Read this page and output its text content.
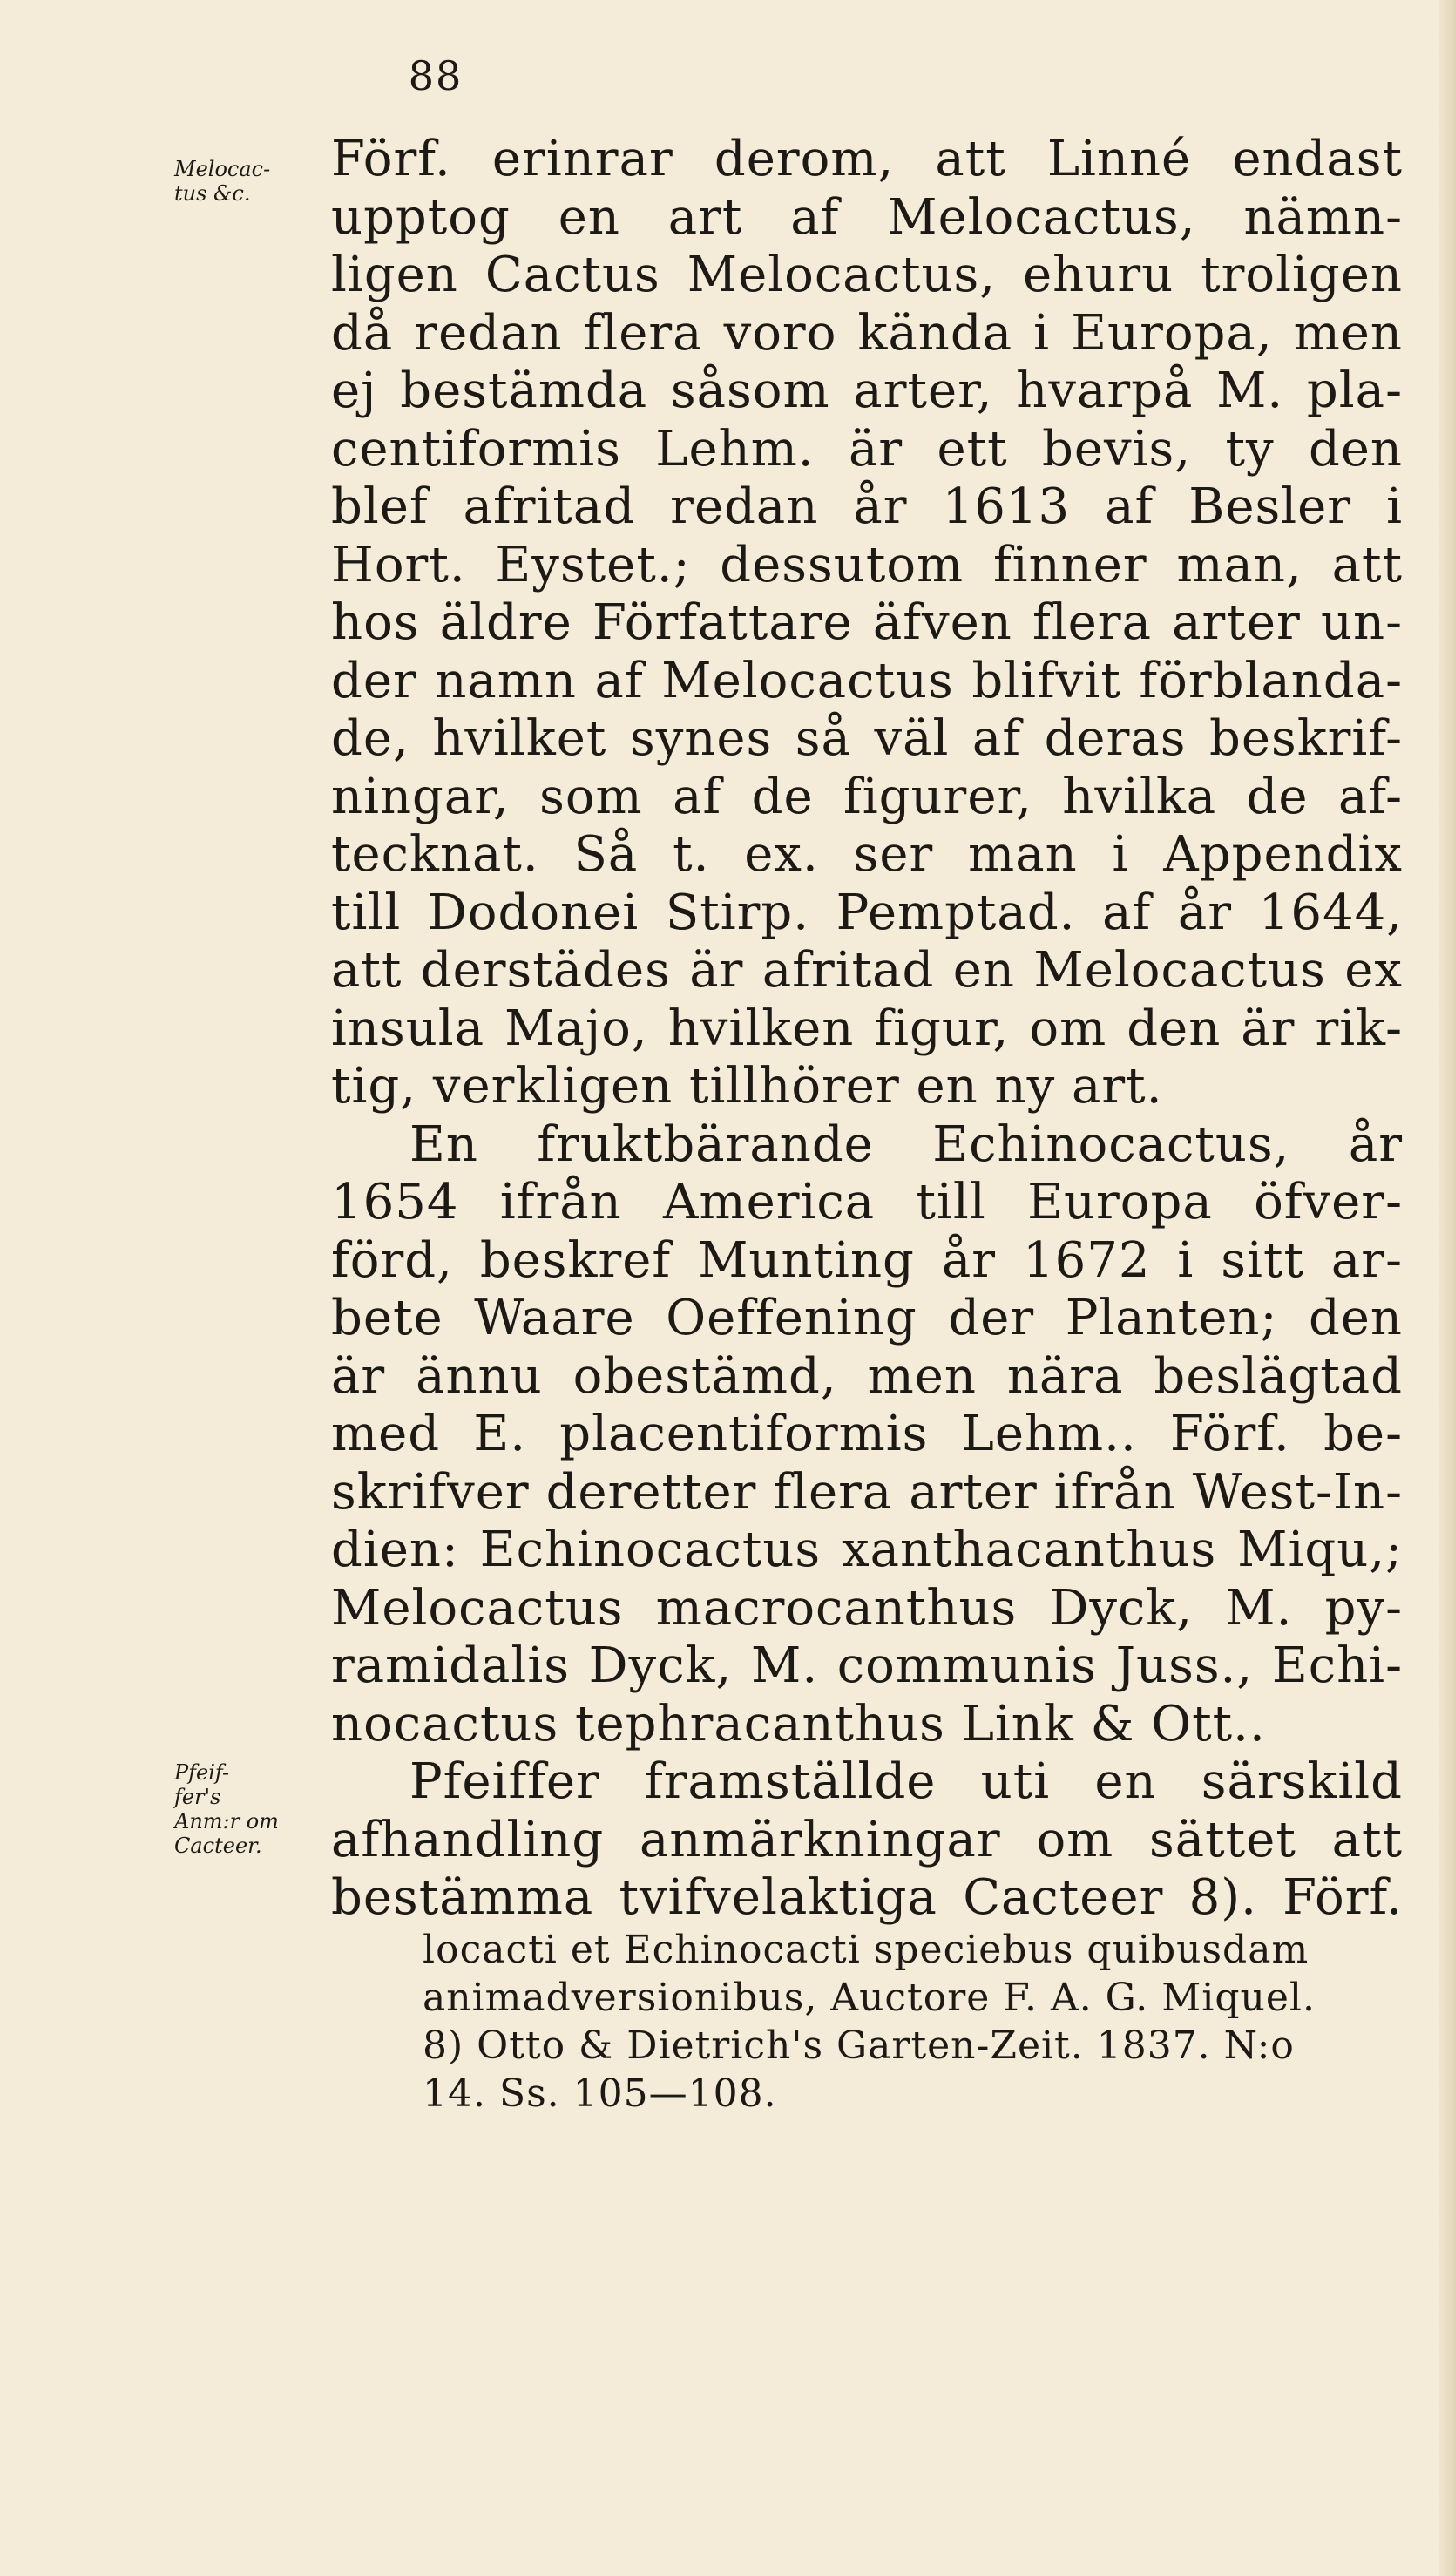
88
Melocac-
tus &c.
Pfeif-
fer's
Anm:r om
Cacteer.
Förf. erinrar derom, att Linné endast
upptog en art af Melocactus, nämn-
ligen Cactus Melocactus, ehuru troligen
då redan flera voro kända i Europa, men
ej bestämda såsom arter, hvarpå M. pla-
centiformis Lehm. är ett bevis, ty den
blef afritad redan år 1613 af Besler i
Hort. Eystet.; dessutom finner man, att
hos äldre Författare äfven flera arter un-
der namn af Melocactus blifvit förblanda-
de, hvilket synes så väl af deras beskrif-
ningar, som af de figurer, hvilka de af-
tecknat. Så t. ex. ser man i Appendix
till Dodonei Stirp. Pemptad. af år 1644,
att derstädes är afritad en Melocactus ex
insula Majo, hvilken figur, om den är rik-
tig, verkligen tillhörer en ny art.
En fruktbärande Echinocactus, år
1654 ifrån America till Europa öfver-
förd, beskref Munting år 1672 i sitt ar-
bete Waare Oeffening der Planten; den
är ännu obestämd, men nära beslägtad
med E. placentiformis Lehm.. Förf. be-
skrifver deretter flera arter ifrån West-In-
dien: Echinocactus xanthacanthus Miqu,;
Melocactus macrocanthus Dyck, M. py-
ramidalis Dyck, M. communis Juss., Echi-
nocactus tephracanthus Link & Ott..
Pfeiffer framställde uti en särskild
afhandling anmärkningar om sättet att
bestämma tvifvelaktiga Cacteer 8). Förf.
locacti et Echinocacti speciebus quibusdam
animadversionibus, Auctore F. A. G. Miquel.
8) Otto & Dietrich's Garten-Zeit. 1837. N:o
14. Ss. 105—108.
